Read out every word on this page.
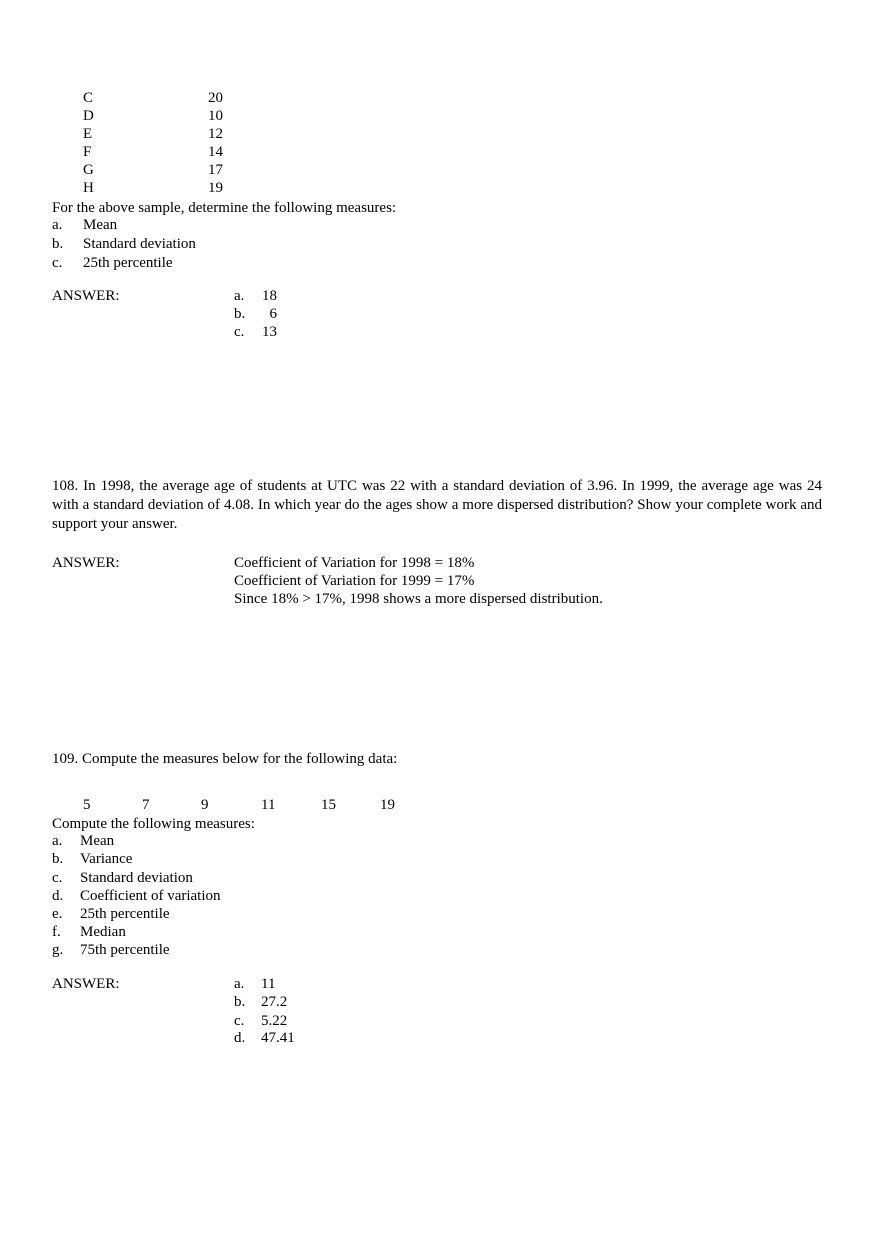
C	20
D	10
E	12
F	14
G	17
H	19
For the above sample, determine the following measures:
a. Mean
b. Standard deviation
c. 25th percentile
ANSWER:	a. 18
b. 6
c. 13
108. In 1998, the average age of students at UTC was 22 with a standard deviation of 3.96. In 1999, the average age was 24 with a standard deviation of 4.08. In which year do the ages show a more dispersed distribution? Show your complete work and support your answer.
ANSWER:	Coefficient of Variation for 1998 = 18%
Coefficient of Variation for 1999 = 17%
Since 18% > 17%, 1998 shows a more dispersed distribution.
109. Compute the measures below for the following data:
5	7	9	11	15	19
Compute the following measures:
a. Mean
b. Variance
c. Standard deviation
d. Coefficient of variation
e. 25th percentile
f. Median
g. 75th percentile
ANSWER:	a. 11
b. 27.2
c. 5.22
d. 47.41
